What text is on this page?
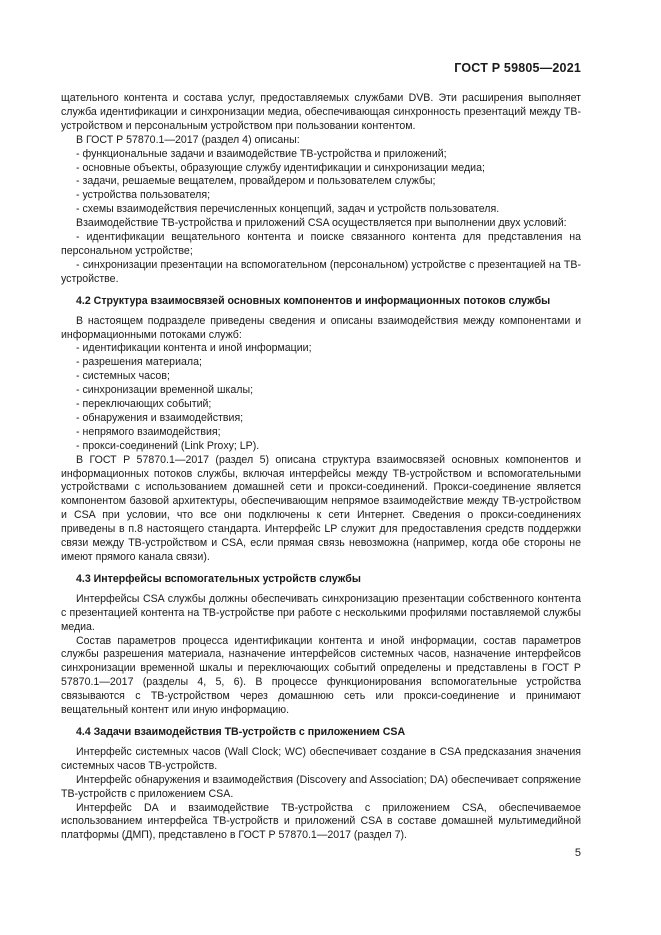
ГОСТ Р 59805—2021
щательного контента и состава услуг, предоставляемых службами DVB. Эти расширения выполняет служба идентификации и синхронизации медиа, обеспечивающая синхронность презентаций между ТВ-устройством и персональным устройством при пользовании контентом.
В ГОСТ Р 57870.1—2017 (раздел 4) описаны:
- функциональные задачи и взаимодействие ТВ-устройства и приложений;
- основные объекты, образующие службу идентификации и синхронизации медиа;
- задачи, решаемые вещателем, провайдером и пользователем службы;
- устройства пользователя;
- схемы взаимодействия перечисленных концепций, задач и устройств пользователя.
Взаимодействие ТВ-устройства и приложений CSA осуществляется при выполнении двух условий:
- идентификации вещательного контента и поиске связанного контента для представления на персональном устройстве;
- синхронизации презентации на вспомогательном (персональном) устройстве с презентацией на ТВ-устройстве.
4.2 Структура взаимосвязей основных компонентов и информационных потоков службы
В настоящем подразделе приведены сведения и описаны взаимодействия между компонентами и информационными потоками служб:
- идентификации контента и иной информации;
- разрешения материала;
- системных часов;
- синхронизации временной шкалы;
- переключающих событий;
- обнаружения и взаимодействия;
- непрямого взаимодействия;
- прокси-соединений (Link Proxy; LP).
В ГОСТ Р 57870.1—2017 (раздел 5) описана структура взаимосвязей основных компонентов и информационных потоков службы, включая интерфейсы между ТВ-устройством и вспомогательными устройствами с использованием домашней сети и прокси-соединений. Прокси-соединение является компонентом базовой архитектуры, обеспечивающим непрямое взаимодействие между ТВ-устройством и CSA при условии, что все они подключены к сети Интернет. Сведения о прокси-соединениях приведены в п.8 настоящего стандарта. Интерфейс LP служит для предоставления средств поддержки связи между ТВ-устройством и CSA, если прямая связь невозможна (например, когда обе стороны не имеют прямого канала связи).
4.3 Интерфейсы вспомогательных устройств службы
Интерфейсы CSA службы должны обеспечивать синхронизацию презентации собственного контента с презентацией контента на ТВ-устройстве при работе с несколькими профилями поставляемой службы медиа.
Состав параметров процесса идентификации контента и иной информации, состав параметров службы разрешения материала, назначение интерфейсов системных часов, назначение интерфейсов синхронизации временной шкалы и переключающих событий определены и представлены в ГОСТ Р 57870.1—2017 (разделы 4, 5, 6). В процессе функционирования вспомогательные устройства связываются с ТВ-устройством через домашнюю сеть или прокси-соединение и принимают вещательный контент или иную информацию.
4.4 Задачи взаимодействия ТВ-устройств с приложением CSA
Интерфейс системных часов (Wall Clock; WC) обеспечивает создание в CSA предсказания значения системных часов ТВ-устройств.
Интерфейс обнаружения и взаимодействия (Discovery and Association; DA) обеспечивает сопряжение ТВ-устройств с приложением CSA.
Интерфейс DA и взаимодействие ТВ-устройства с приложением CSA, обеспечиваемое использованием интерфейса ТВ-устройств и приложений CSA в составе домашней мультимедийной платформы (ДМП), представлено в ГОСТ Р 57870.1—2017 (раздел 7).
5
